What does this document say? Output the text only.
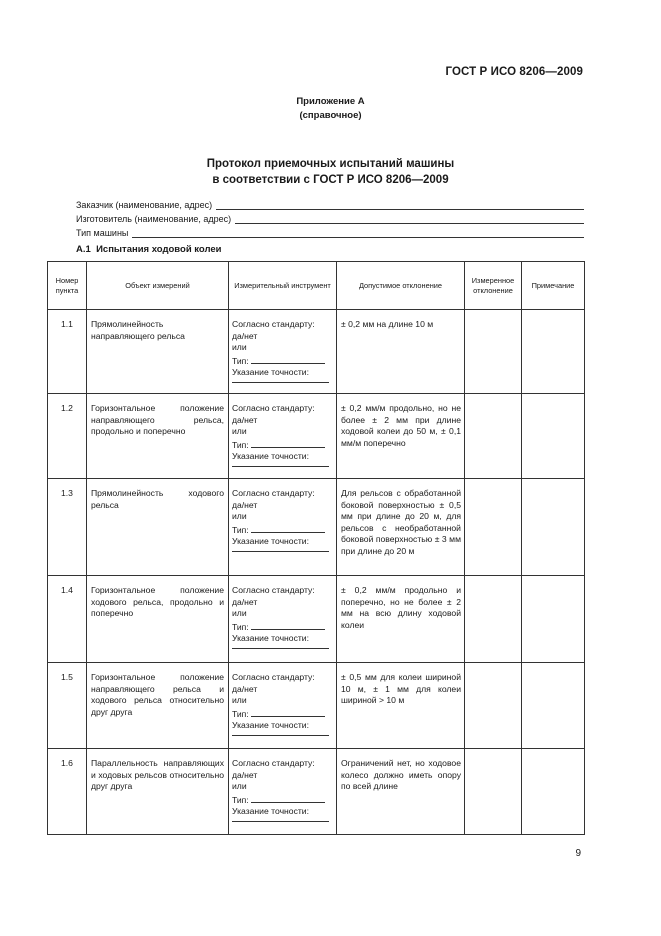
ГОСТ Р ИСО 8206—2009
Приложение А
(справочное)
Протокол приемочных испытаний машины
в соответствии с ГОСТ Р ИСО 8206—2009
Заказчик (наименование, адрес)
Изготовитель (наименование, адрес)
Тип машины
А.1 Испытания ходовой колеи
Номер пункта	Объект измерений	Измерительный инструмент	Допустимое отклонение	Измеренное отклонение	Примечание
1.1	Прямолинейность направляющего рельса	Согласно стандарту:
да/нет
или
Тип:
Указание точности:	± 0,2 мм на длине 10 м		
1.2	Горизонтальное положение направляющего рельса, продольно и поперечно	Согласно стандарту:
да/нет
или
Тип:
Указание точности:	± 0,2 мм/м продольно, но не более ± 2 мм при длине ходовой колеи до 50 м, ± 0,1 мм/м поперечно		
1.3	Прямолинейность ходового рельса	Согласно стандарту:
да/нет
или
Тип:
Указание точности:	Для рельсов с обработанной боковой поверхностью ± 0,5 мм при длине до 20 м, для рельсов с необработанной боковой поверхностью ± 3 мм при длине до 20 м		
1.4	Горизонтальное положение ходового рельса, продольно и поперечно	Согласно стандарту:
да/нет
или
Тип:
Указание точности:	± 0,2 мм/м продольно и поперечно, но не более ± 2 мм на всю длину ходовой колеи		
1.5	Горизонтальное положение направляющего рельса и ходового рельса относительно друг друга	Согласно стандарту:
да/нет
или
Тип:
Указание точности:	± 0,5 мм для колеи шириной 10 м, ± 1 мм для колеи шириной > 10 м		
1.6	Параллельность направляющих и ходовых рельсов относительно друг друга	Согласно стандарту:
да/нет
или
Тип:
Указание точности:	Ограничений нет, но ходовое колесо должно иметь опору по всей длине		
9
